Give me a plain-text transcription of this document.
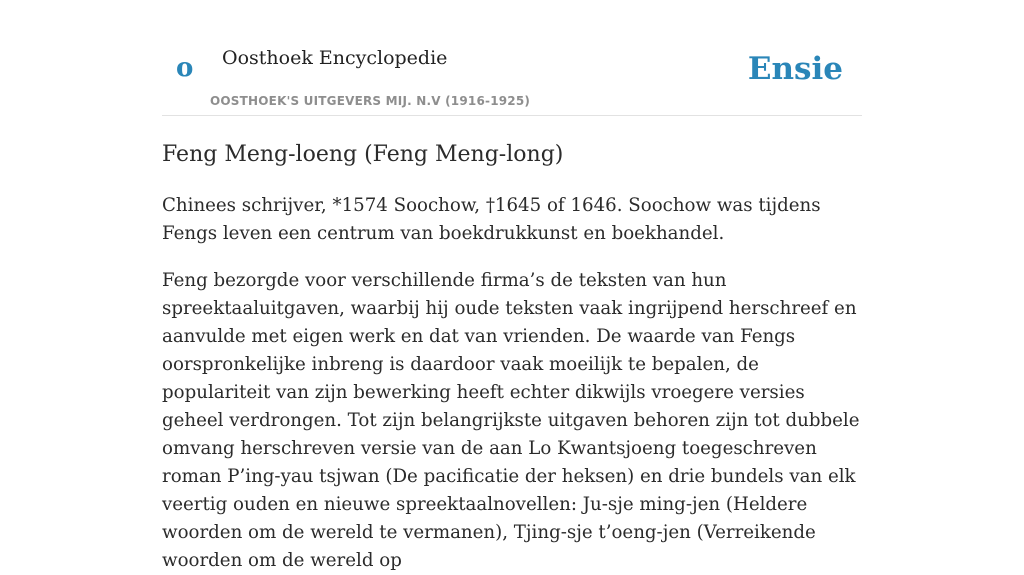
o Oosthoek Encyclopedie
OOSTHOEK'S UITGEVERS MIJ. N.V (1916-1925)
Ensie
Feng Meng-loeng (Feng Meng-long)

Chinees schrijver, *1574 Soochow, †1645 of 1646. Soochow was tijdens Fengs leven een centrum van boekdrukkunst en boekhandel.

Feng bezorgde voor verschillende firma’s de teksten van hun spreektaaluitgaven, waarbij hij oude teksten vaak ingrijpend herschreef en aanvulde met eigen werk en dat van vrienden. De waarde van Fengs oorspronkelijke inbreng is daardoor vaak moeilijk te bepalen, de populariteit van zijn bewerking heeft echter dikwijls vroegere versies geheel verdrongen. Tot zijn belangrijkste uitgaven behoren zijn tot dubbele omvang herschreven versie van de aan Lo Kwantsjoeng toegeschreven roman P’ing-yau tsjwan (De pacificatie der heksen) en drie bundels van elk veertig ouden en nieuwe spreektaalnovellen: Ju-sje ming-jen (Heldere woorden om de wereld te vermanen), Tjing-sje t’oeng-jen (Verreikende woorden om de wereld op
